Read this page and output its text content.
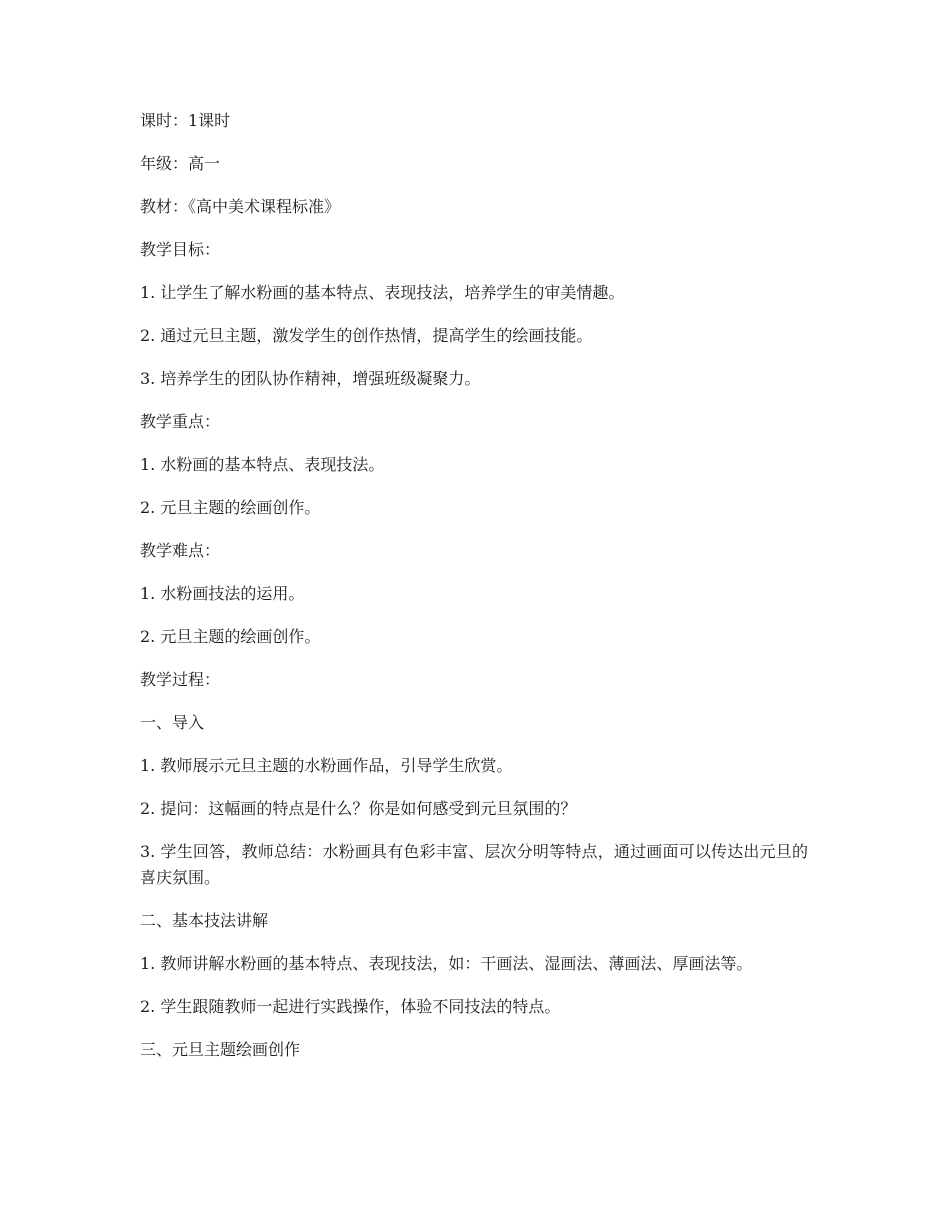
课时：1课时

年级：高一

教材：《高中美术课程标准》

教学目标：

1. 让学生了解水粉画的基本特点、表现技法，培养学生的审美情趣。

2. 通过元旦主题，激发学生的创作热情，提高学生的绘画技能。

3. 培养学生的团队协作精神，增强班级凝聚力。

教学重点：

1. 水粉画的基本特点、表现技法。

2. 元旦主题的绘画创作。

教学难点：

1. 水粉画技法的运用。

2. 元旦主题的绘画创作。

教学过程：

一、导入

1. 教师展示元旦主题的水粉画作品，引导学生欣赏。

2. 提问：这幅画的特点是什么？你是如何感受到元旦氛围的？

3. 学生回答，教师总结：水粉画具有色彩丰富、层次分明等特点，通过画面可以传达出元旦的喜庆氛围。

二、基本技法讲解

1. 教师讲解水粉画的基本特点、表现技法，如：干画法、湿画法、薄画法、厚画法等。

2. 学生跟随教师一起进行实践操作，体验不同技法的特点。

三、元旦主题绘画创作
